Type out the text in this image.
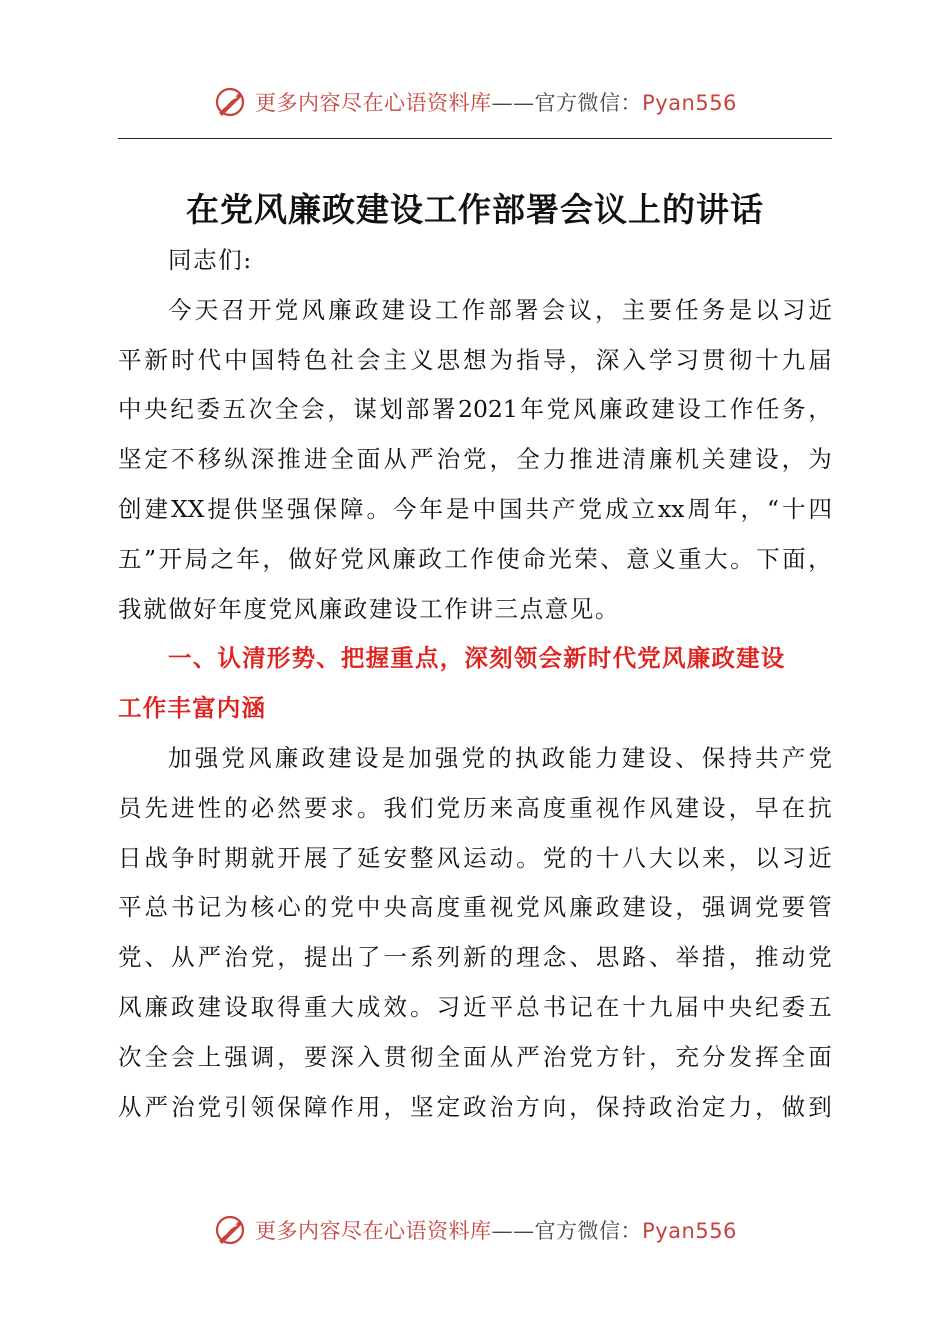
更多内容尽在心语资料库——官方微信：Pyan556
在党风廉政建设工作部署会议上的讲话
同志们:
今 天 召 开 党 风 廉 政 建 设 工 作 部 署 会 议 ， 主 要 任 务 是 以 习 近
平 新 时 代 中 国 特 色 社 会 主 义 思 想 为 指 导 ， 深 入 学 习 贯 彻 十 九 届
中 央 纪 委 五 次 全 会 ， 谋 划 部 署 2021 年 党 风 廉 政 建 设 工 作 任 务 ，
坚 定 不 移 纵 深 推 进 全 面 从 严 治 党 ， 全 力 推 进 清 廉 机 关 建 设 ， 为
创 建 XX 提 供 坚 强 保 障 。 今 年 是 中 国 共 产 党 成 立 xx 周 年 ， “ 十 四
五 ” 开 局 之 年 ， 做 好 党 风 廉 政 工 作 使 命 光 荣 、 意 义 重 大 。 下 面 ，
我就做好年度党风廉政建设工作讲三点意见。
一、认清形势、把握重点，深刻领会新时代党风廉政建设
工作丰富内涵
加 强 党 风 廉 政 建 设 是 加 强 党 的 执 政 能 力 建 设 、 保 持 共 产 党
员 先 进 性 的 必 然 要 求 。 我 们 党 历 来 高 度 重 视 作 风 建 设 ， 早 在 抗
日 战 争 时 期 就 开 展 了 延 安 整 风 运 动 。 党 的 十 八 大 以 来 ， 以 习 近
平 总 书 记 为 核 心 的 党 中 央 高 度 重 视 党 风 廉 政 建 设 ， 强 调 党 要 管
党 、 从 严 治 党 ， 提 出 了 一 系 列 新 的 理 念 、 思 路 、 举 措 ， 推 动 党
风 廉 政 建 设 取 得 重 大 成 效 。 习 近 平 总 书 记 在 十 九 届 中 央 纪 委 五
次 全 会 上 强 调 ， 要 深 入 贯 彻 全 面 从 严 治 党 方 针 ， 充 分 发 挥 全 面
从 严 治 党 引 领 保 障 作 用 ， 坚 定 政 治 方 向 ， 保 持 政 治 定 力 ， 做 到
更多内容尽在心语资料库——官方微信：Pyan556
